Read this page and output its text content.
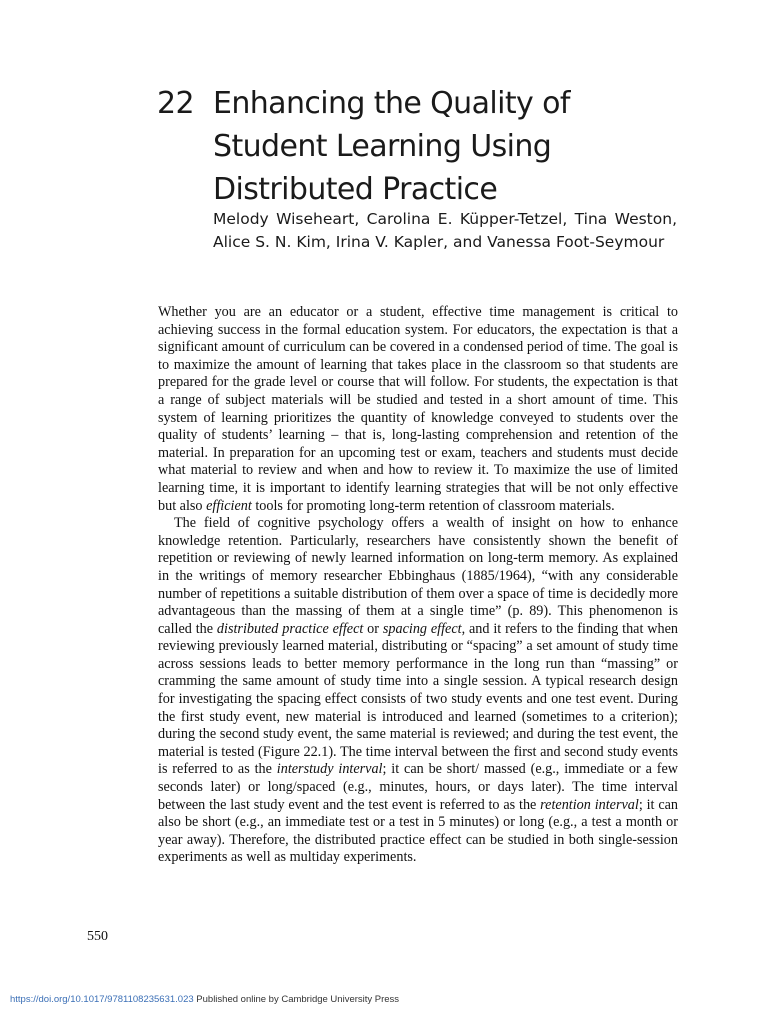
22 Enhancing the Quality of Student Learning Using Distributed Practice
Melody Wiseheart, Carolina E. Küpper-Tetzel, Tina Weston, Alice S. N. Kim, Irina V. Kapler, and Vanessa Foot-Seymour

Whether you are an educator or a student, effective time management is critical to achieving success in the formal education system. For educators, the expectation is that a significant amount of curriculum can be covered in a condensed period of time. The goal is to maximize the amount of learning that takes place in the classroom so that students are prepared for the grade level or course that will follow. For students, the expectation is that a range of subject materials will be studied and tested in a short amount of time. This system of learning prioritizes the quantity of knowledge conveyed to students over the quality of students’ learning – that is, long-lasting comprehension and retention of the material. In preparation for an upcoming test or exam, teachers and students must decide what material to review and when and how to review it. To maximize the use of limited learning time, it is important to identify learning strategies that will be not only effective but also efficient tools for promoting long-term retention of classroom materials.

The field of cognitive psychology offers a wealth of insight on how to enhance knowledge retention. Particularly, researchers have consistently shown the benefit of repetition or reviewing of newly learned information on long-term memory. As explained in the writings of memory researcher Ebbinghaus (1885/1964), “with any considerable number of repetitions a suitable distribution of them over a space of time is decidedly more advantageous than the massing of them at a single time” (p. 89). This phenomenon is called the distributed practice effect or spacing effect, and it refers to the finding that when reviewing previously learned material, distributing or “spacing” a set amount of study time across sessions leads to better memory performance in the long run than “massing” or cramming the same amount of study time into a single session. A typical research design for investigating the spacing effect consists of two study events and one test event. During the first study event, new material is introduced and learned (sometimes to a criterion); during the second study event, the same material is reviewed; and during the test event, the material is tested (Figure 22.1). The time interval between the first and second study events is referred to as the interstudy interval; it can be short/ massed (e.g., immediate or a few seconds later) or long/spaced (e.g., minutes, hours, or days later). The time interval between the last study event and the test event is referred to as the retention interval; it can also be short (e.g., an immediate test or a test in 5 minutes) or long (e.g., a test a month or year away). Therefore, the distributed practice effect can be studied in both single-session experiments as well as multiday experiments.

550
https://doi.org/10.1017/9781108235631.023 Published online by Cambridge University Press
